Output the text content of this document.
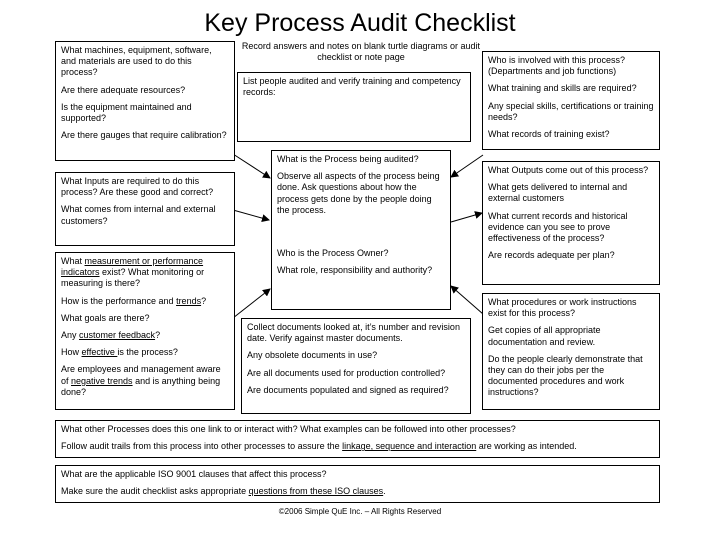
Key Process Audit Checklist
Record answers and notes on blank turtle diagrams or audit checklist or note page

What machines, equipment, software, and materials are used to do this process?

Are there adequate resources?

Is the equipment maintained and supported?

Are there gauges that require calibration?

What Inputs are required to do this process? Are these good and correct?

What comes from internal and external customers?

What measurement or performance indicators exist? What monitoring or measuring is there?

How is the performance and trends?

What goals are there?

Any customer feedback?

How effective is the process?

Are employees and management aware of negative trends and is anything being done?

List people audited and verify training and competency records:

What is the Process being audited?

Observe all aspects of the process being done. Ask questions about how the process gets done by the people doing the process.

Who is the Process Owner?

What role, responsibility and authority?

Collect documents looked at, it’s number and revision date. Verify against master documents.

Any obsolete documents in use?

Are all documents used for production controlled?

Are documents populated and signed as required?

Who is involved with this process? (Departments and job functions)

What training and skills are required?

Any special skills, certifications or training needs?

What records of training exist?

What Outputs come out of this process?

What gets delivered to internal and external customers

What current records and historical evidence can you see to prove effectiveness of the process?

Are records adequate per plan?

What procedures or work instructions exist for this process?

Get copies of all appropriate documentation and review.

Do the people clearly demonstrate that they can do their jobs per the documented procedures and work instructions?

What other Processes does this one link to or interact with? What examples can be followed into other processes?

Follow audit trails from this process into other processes to assure the linkage, sequence and interaction are working as intended.

What are the applicable ISO 9001 clauses that affect this process?

Make sure the audit checklist asks appropriate questions from these ISO clauses.

©2006 Simple QuE Inc. – All Rights Reserved
